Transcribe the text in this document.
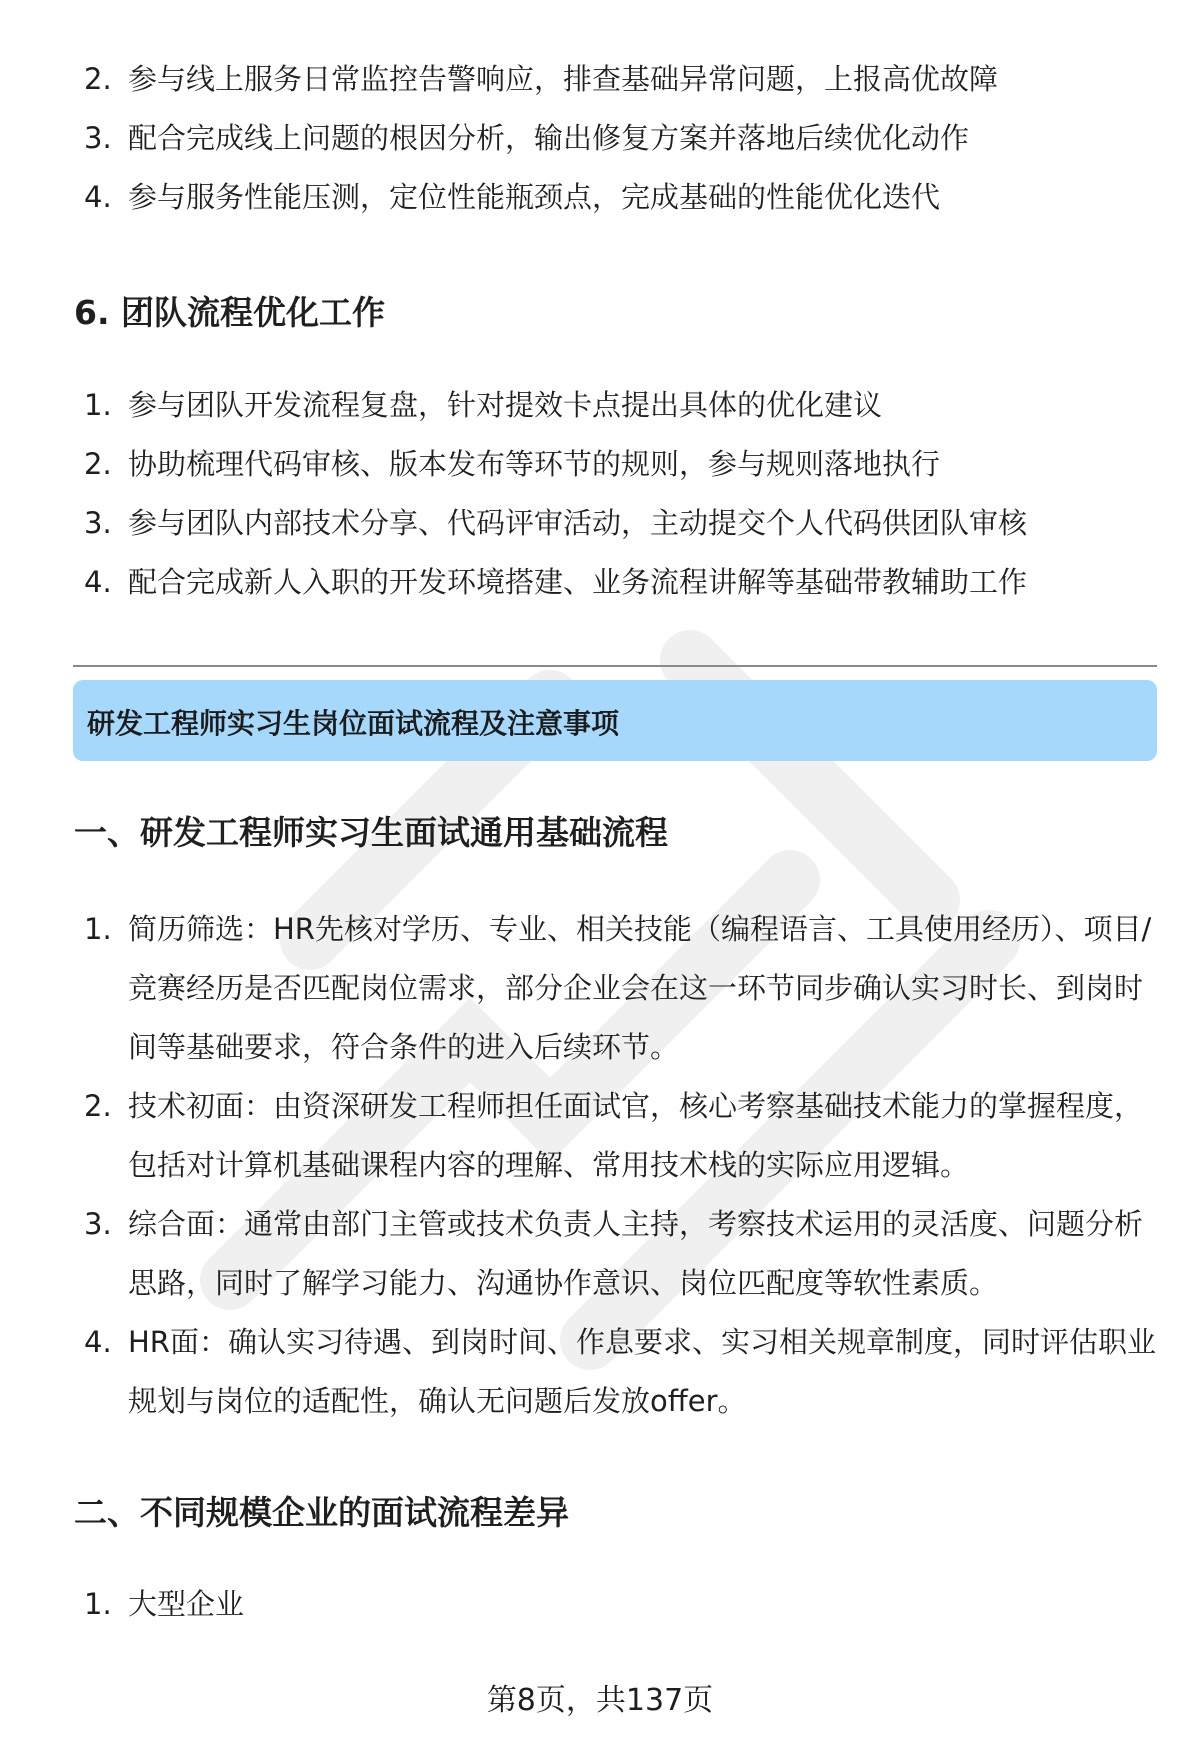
2. 参与线上服务日常监控告警响应，排查基础异常问题，上报高优故障
3. 配合完成线上问题的根因分析，输出修复方案并落地后续优化动作
4. 参与服务性能压测，定位性能瓶颈点，完成基础的性能优化迭代
6. 团队流程优化工作
1. 参与团队开发流程复盘，针对提效卡点提出具体的优化建议
2. 协助梳理代码审核、版本发布等环节的规则，参与规则落地执行
3. 参与团队内部技术分享、代码评审活动，主动提交个人代码供团队审核
4. 配合完成新人入职的开发环境搭建、业务流程讲解等基础带教辅助工作
研发工程师实习生岗位面试流程及注意事项
一、研发工程师实习生面试通用基础流程
1. 简历筛选：HR先核对学历、专业、相关技能（编程语言、工具使用经历）、项目/竞赛经历是否匹配岗位需求，部分企业会在这一环节同步确认实习时长、到岗时间等基础要求，符合条件的进入后续环节。
2. 技术初面：由资深研发工程师担任面试官，核心考察基础技术能力的掌握程度，包括对计算机基础课程内容的理解、常用技术栈的实际应用逻辑。
3. 综合面：通常由部门主管或技术负责人主持，考察技术运用的灵活度、问题分析思路，同时了解学习能力、沟通协作意识、岗位匹配度等软性素质。
4. HR面：确认实习待遇、到岗时间、作息要求、实习相关规章制度，同时评估职业规划与岗位的适配性，确认无问题后发放offer。
二、不同规模企业的面试流程差异
1. 大型企业
第8页，共137页
